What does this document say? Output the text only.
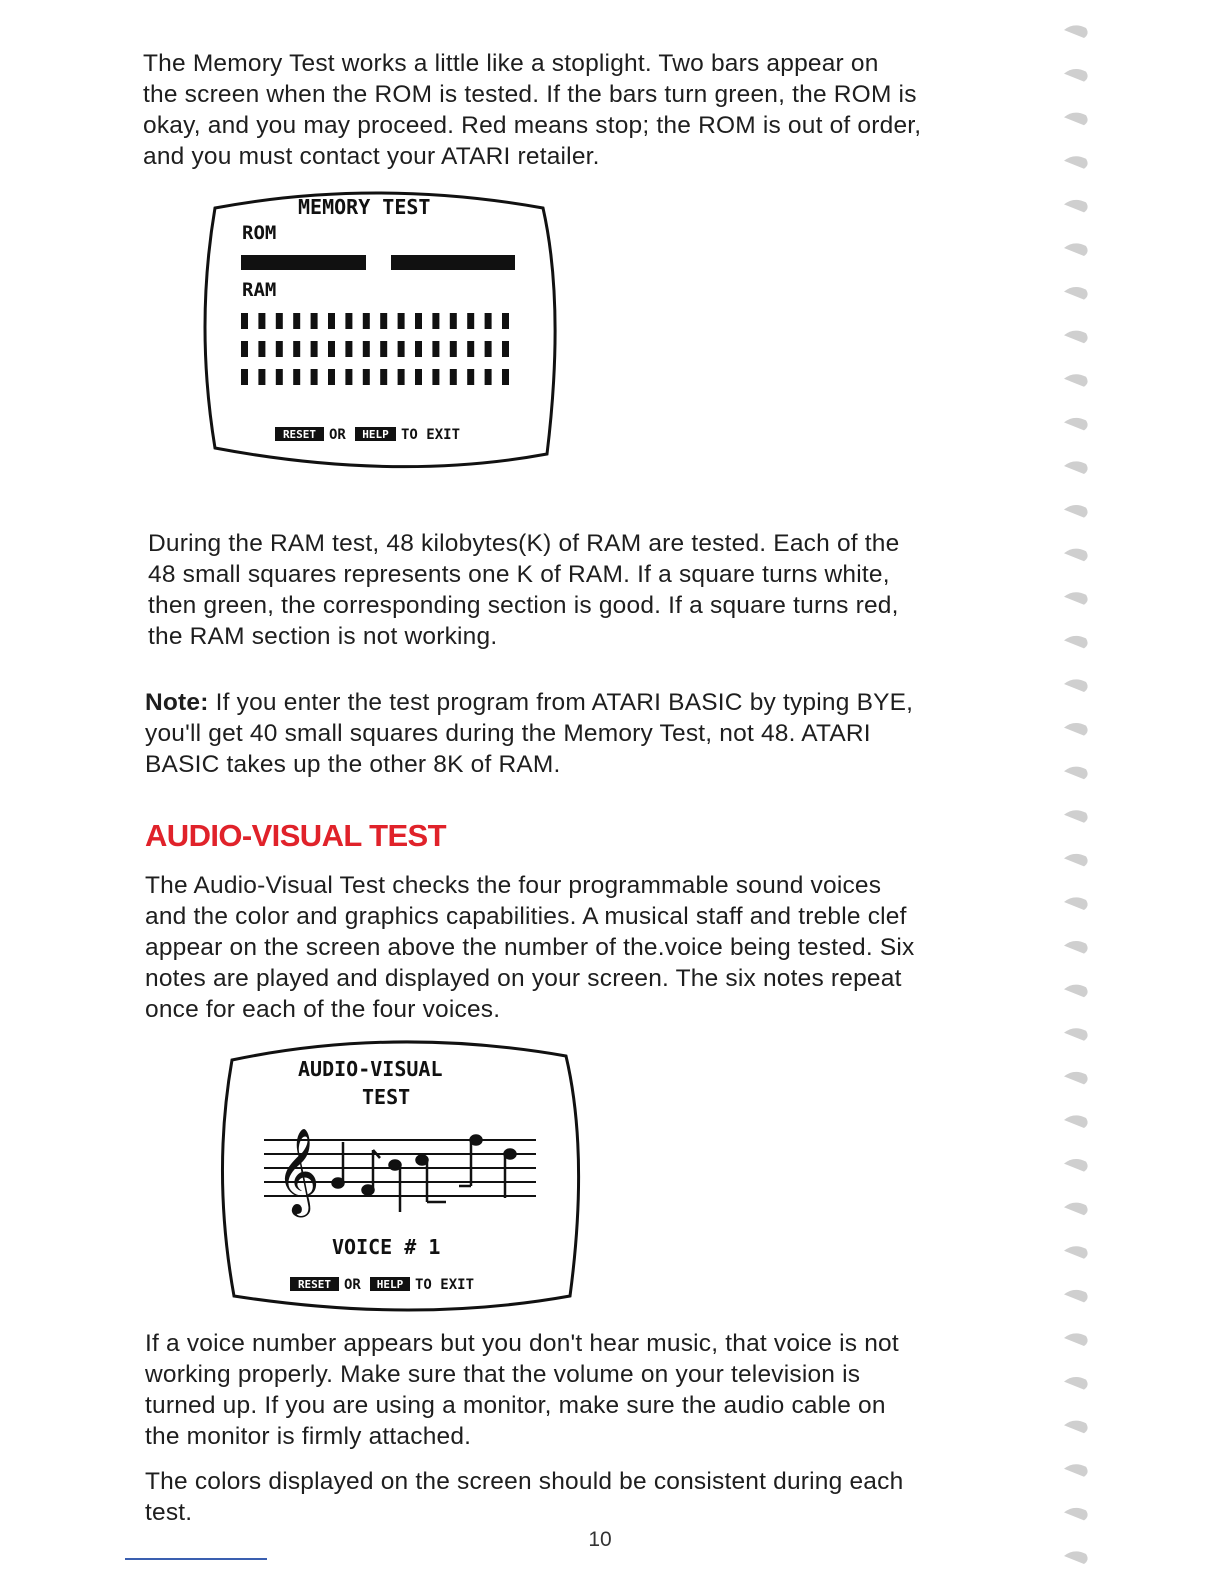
The Memory Test works a little like a stoplight. Two bars appear on
the screen when the ROM is tested. If the bars turn green, the ROM is
okay, and you may proceed. Red means stop; the ROM is out of order,
and you must contact your ATARI retailer.

MEMORY TEST
ROM
RAM
RESET OR HELP TO EXIT

During the RAM test, 48 kilobytes(K) of RAM are tested. Each of the
48 small squares represents one K of RAM. If a square turns white,
then green, the corresponding section is good. If a square turns red,
the RAM section is not working.

Note: If you enter the test program from ATARI BASIC by typing BYE,
you'll get 40 small squares during the Memory Test, not 48. ATARI
BASIC takes up the other 8K of RAM.

AUDIO-VISUAL TEST

The Audio-Visual Test checks the four programmable sound voices
and the color and graphics capabilities. A musical staff and treble clef
appear on the screen above the number of the.voice being tested. Six
notes are played and displayed on your screen. The six notes repeat
once for each of the four voices.

AUDIO-VISUAL
TEST
𝄞
VOICE # 1
RESET OR HELP TO EXIT

If a voice number appears but you don't hear music, that voice is not
working properly. Make sure that the volume on your television is
turned up. If you are using a monitor, make sure the audio cable on
the monitor is firmly attached.

The colors displayed on the screen should be consistent during each
test.

10
